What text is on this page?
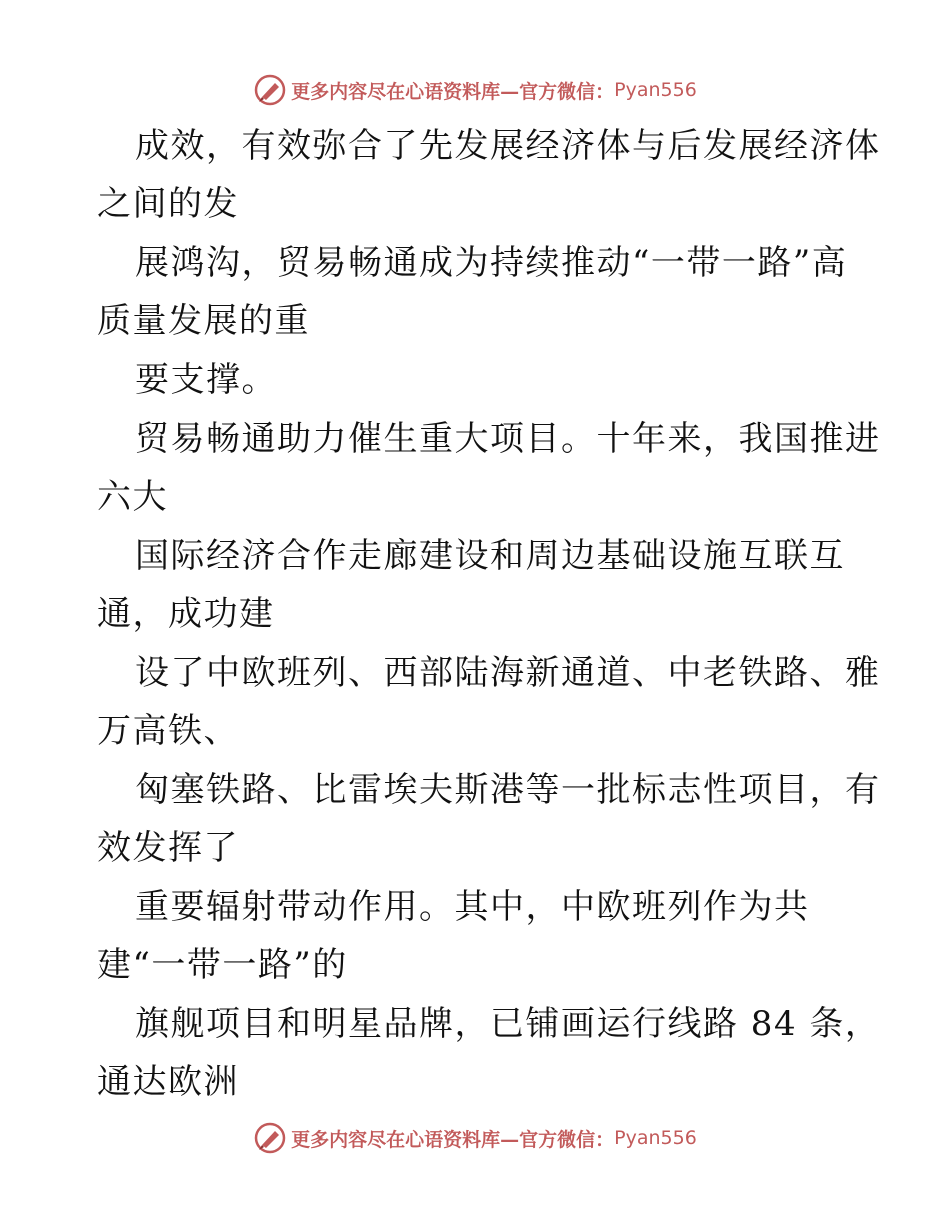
更多内容尽在心语资料库—官方微信： Pyan556
成效，有效弥合了先发展经济体与后发展经济体
之间的发
展鸿沟，贸易畅通成为持续推动“一带一路”高
质量发展的重
要支撑。
贸易畅通助力催生重大项目。十年来，我国推进
六大
国际经济合作走廊建设和周边基础设施互联互
通，成功建
设了中欧班列、西部陆海新通道、中老铁路、雅
万高铁、
匈塞铁路、比雷埃夫斯港等一批标志性项目，有
效发挥了
重要辐射带动作用。其中，中欧班列作为共
建“一带一路”的
旗舰项目和明星品牌，已铺画运行线路 84 条，
通达欧洲
更多内容尽在心语资料库—官方微信： Pyan556
